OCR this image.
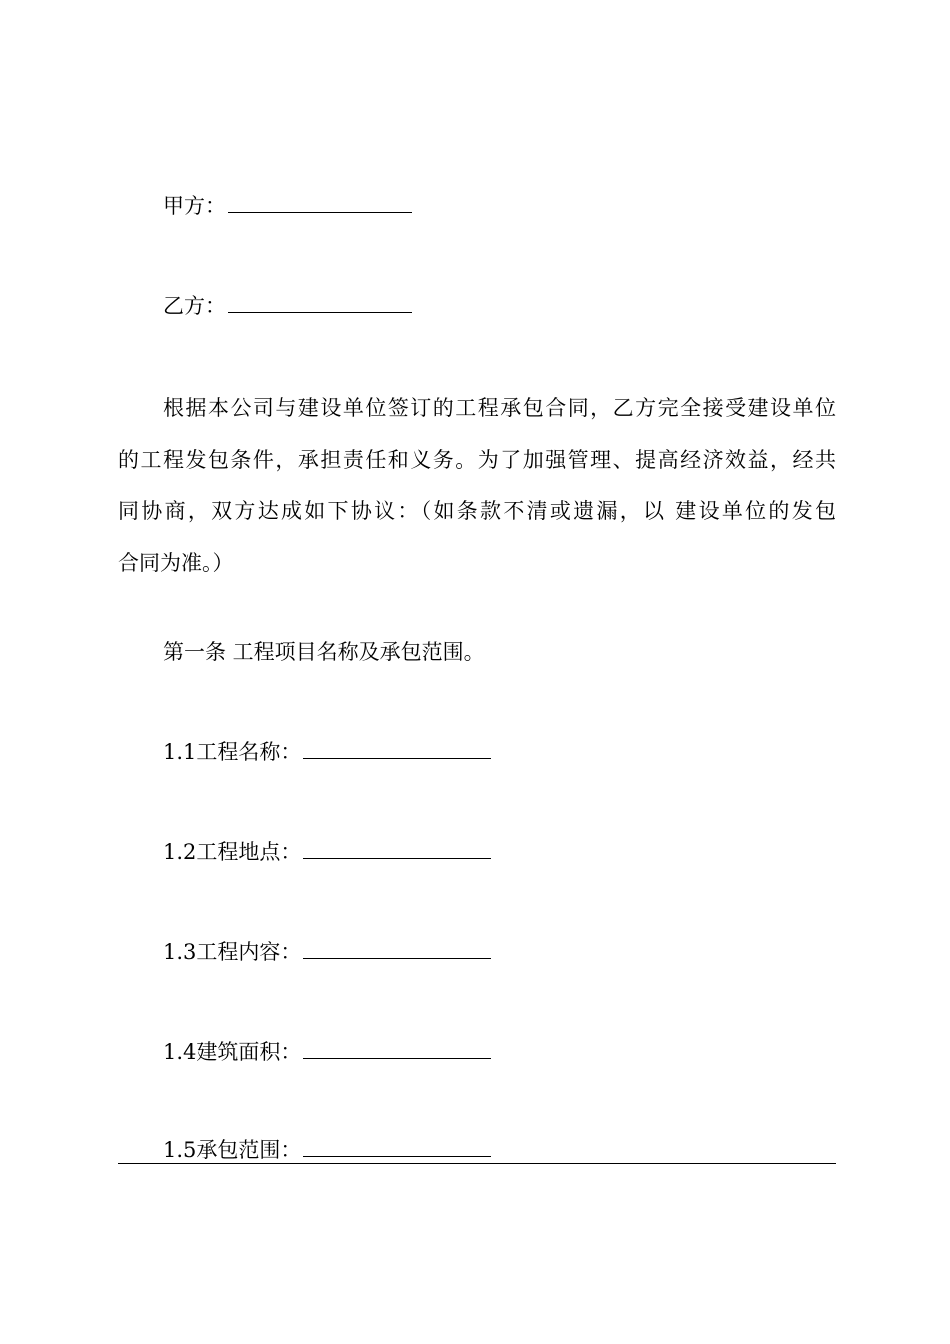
甲方：
乙方：
根据本公司与建设单位签订的工程承包合同，乙方完全接受建设单位
的工程发包条件，承担责任和义务。为了加强管理、提高经济效益，经共
同协商，双方达成如下协议：（如条款不清或遗漏，以 建设单位的发包
合同为准。）
第一条 工程项目名称及承包范围。
1.1工程名称：
1.2工程地点：
1.3工程内容：
1.4建筑面积：
1.5承包范围：
